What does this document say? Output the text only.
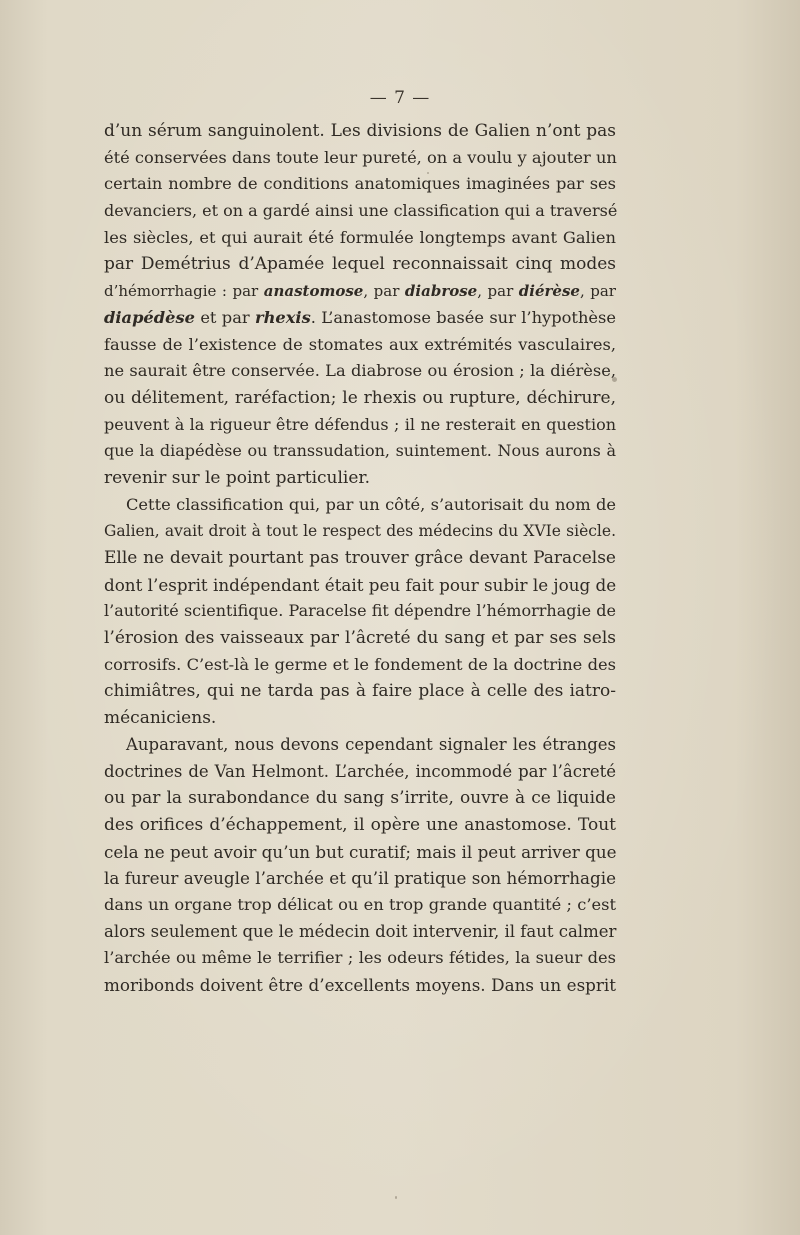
— 7 —
d’un sérum sanguinolent. Les divisions de Galien n’ont pas
été conservées dans toute leur pureté, on a voulu y ajouter un
certain nombre de conditions anatomiques imaginées par ses
devanciers, et on a gardé ainsi une classification qui a traversé
les siècles, et qui aurait été formulée longtemps avant Galien
par Demétrius d’Apamée lequel reconnaissait cinq modes
d’hémorrhagie : par anastomose, par diabrose, par diérèse, par
diapédèse et par rhexis. L’anastomose basée sur l’hypothèse
fausse de l’existence de stomates aux extrémités vasculaires,
ne saurait être conservée. La diabrose ou érosion ; la diérèse,
ou délitement, raréfaction; le rhexis ou rupture, déchirure,
peuvent à la rigueur être défendus ; il ne resterait en question
que la diapédèse ou transsudation, suintement. Nous aurons à
revenir sur le point particulier.
Cette classification qui, par un côté, s’autorisait du nom de
Galien, avait droit à tout le respect des médecins du XVIe siècle.
Elle ne devait pourtant pas trouver grâce devant Paracelse
dont l’esprit indépendant était peu fait pour subir le joug de
l’autorité scientifique. Paracelse fit dépendre l’hémorrhagie de
l’érosion des vaisseaux par l’âcreté du sang et par ses sels
corrosifs. C’est-là le germe et le fondement de la doctrine des
chimiâtres, qui ne tarda pas à faire place à celle des iatro-
mécaniciens.
Auparavant, nous devons cependant signaler les étranges
doctrines de Van Helmont. L’archée, incommodé par l’âcreté
ou par la surabondance du sang s’irrite, ouvre à ce liquide
des orifices d’échappement, il opère une anastomose. Tout
cela ne peut avoir qu’un but curatif; mais il peut arriver que
la fureur aveugle l’archée et qu’il pratique son hémorrhagie
dans un organe trop délicat ou en trop grande quantité ; c’est
alors seulement que le médecin doit intervenir, il faut calmer
l’archée ou même le terrifier ; les odeurs fétides, la sueur des
moribonds doivent être d’excellents moyens. Dans un esprit
